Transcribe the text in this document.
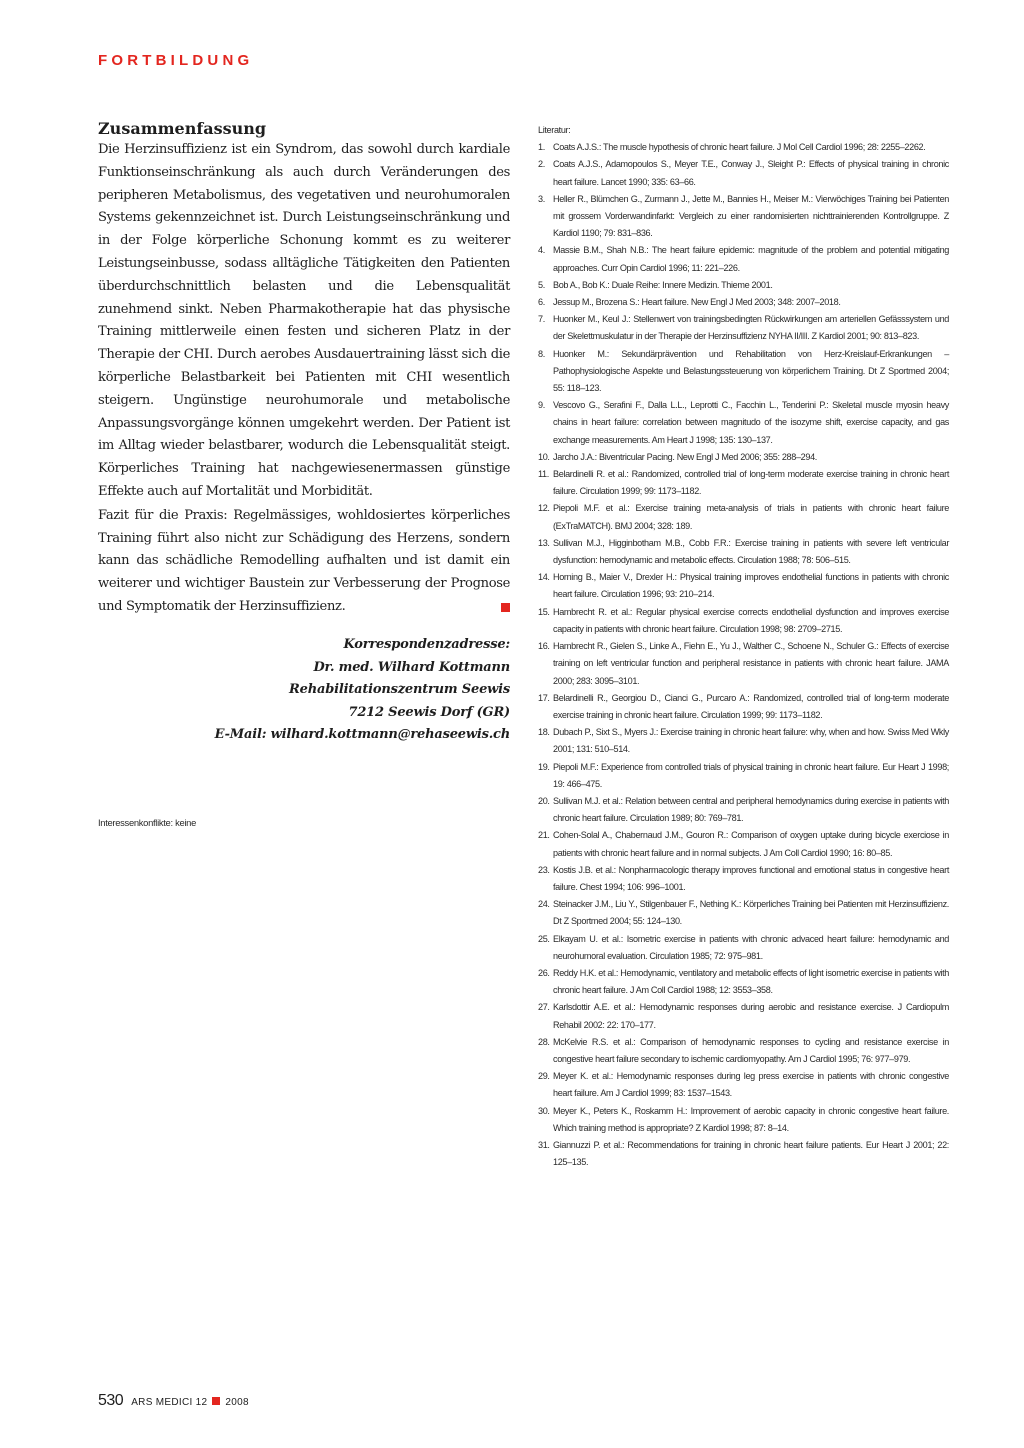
FORTBILDUNG
Zusammenfassung

Die Herzinsuffizienz ist ein Syndrom, das sowohl durch kardiale Funktionseinschränkung als auch durch Veränderungen des peripheren Metabolismus, des vegetativen und neurohumoralen Systems gekennzeichnet ist. Durch Leistungseinschränkung und in der Folge körperliche Schonung kommt es zu weiterer Leistungseinbusse, sodass alltägliche Tätigkeiten den Patienten überdurchschnittlich belasten und die Lebensqualität zunehmend sinkt. Neben Pharmakotherapie hat das physische Training mittlerweile einen festen und sicheren Platz in der Therapie der CHI. Durch aerobes Ausdauertraining lässt sich die körperliche Belastbarkeit bei Patienten mit CHI wesentlich steigern. Ungünstige neurohumorale und metabolische Anpassungsvorgänge können umgekehrt werden. Der Patient ist im Alltag wieder belastbarer, wodurch die Lebensqualität steigt. Körperliches Training hat nachgewiesenermassen günstige Effekte auch auf Mortalität und Morbidität.

Fazit für die Praxis: Regelmässiges, wohldosiertes körperliches Training führt also nicht zur Schädigung des Herzens, sondern kann das schädliche Remodelling aufhalten und ist damit ein weiterer und wichtiger Baustein zur Verbesserung der Prognose und Symptomatik der Herzinsuffizienz.

Korrespondenzadresse:
Dr. med. Wilhard Kottmann
Rehabilitationszentrum Seewis
7212 Seewis Dorf (GR)
E-Mail: wilhard.kottmann@rehaseewis.ch
Interessenkonflikte: keine
Literatur:
1. Coats A.J.S.: The muscle hypothesis of chronic heart failure. J Mol Cell Cardiol 1996; 28: 2255–2262.
2. Coats A.J.S., Adamopoulos S., Meyer T.E., Conway J., Sleight P.: Effects of physical training in chronic heart failure. Lancet 1990; 335: 63–66.
3. Heller R., Blümchen G., Zurmann J., Jette M., Bannies H., Meiser M.: Vierwöchiges Training bei Patienten mit grossem Vorderwandinfarkt: Vergleich zu einer randomisierten nichttrainierenden Kontrollgruppe. Z Kardiol 1190; 79: 831–836.
4. Massie B.M., Shah N.B.: The heart failure epidemic: magnitude of the problem and potential mitigating approaches. Curr Opin Cardiol 1996; 11: 221–226.
5. Bob A., Bob K.: Duale Reihe: Innere Medizin. Thieme 2001.
6. Jessup M., Brozena S.: Heart failure. New Engl J Med 2003; 348: 2007–2018.
7. Huonker M., Keul J.: Stellenwert von trainingsbedingten Rückwirkungen am arteriellen Gefässsystem und der Skelettmuskulatur in der Therapie der Herzinsuffizienz NYHA II/III. Z Kardiol 2001; 90: 813–823.
8. Huonker M.: Sekundärprävention und Rehabilitation von Herz-Kreislauf-Erkrankungen – Pathophysiologische Aspekte und Belastungssteuerung von körperlichem Training. Dt Z Sportmed 2004; 55: 118–123.
9. Vescovo G., Serafini F., Dalla L.L., Leprotti C., Facchin L., Tenderini P.: Skeletal muscle myosin heavy chains in heart failure: correlation between magnitudo of the isozyme shift, exercise capacity, and gas exchange measurements. Am Heart J 1998; 135: 130–137.
10. Jarcho J.A.: Biventricular Pacing. New Engl J Med 2006; 355: 288–294.
11. Belardinelli R. et al.: Randomized, controlled trial of long-term moderate exercise training in chronic heart failure. Circulation 1999; 99: 1173–1182.
12. Piepoli M.F. et al.: Exercise training meta-analysis of trials in patients with chronic heart failure (ExTraMATCH). BMJ 2004; 328: 189.
13. Sullivan M.J., Higginbotham M.B., Cobb F.R.: Exercise training in patients with severe left ventricular dysfunction: hemodynamic and metabolic effects. Circulation 1988; 78: 506–515.
14. Horning B., Maier V., Drexler H.: Physical training improves endothelial functions in patients with chronic heart failure. Circulation 1996; 93: 210–214.
15. Hambrecht R. et al.: Regular physical exercise corrects endothelial dysfunction and improves exercise capacity in patients with chronic heart failure. Circulation 1998; 98: 2709–2715.
16. Hambrecht R., Gielen S., Linke A., Fiehn E., Yu J., Walther C., Schoene N., Schuler G.: Effects of exercise training on left ventricular function and peripheral resistance in patients with chronic heart failure. JAMA 2000; 283: 3095–3101.
17. Belardinelli R., Georgiou D., Cianci G., Purcaro A.: Randomized, controlled trial of long-term moderate exercise training in chronic heart failure. Circulation 1999; 99: 1173–1182.
18. Dubach P., Sixt S., Myers J.: Exercise training in chronic heart failure: why, when and how. Swiss Med Wkly 2001; 131: 510–514.
19. Piepoli M.F.: Experience from controlled trials of physical training in chronic heart failure. Eur Heart J 1998; 19: 466–475.
20. Sullivan M.J. et al.: Relation between central and peripheral hemodynamics during exercise in patients with chronic heart failure. Circulation 1989; 80: 769–781.
21. Cohen-Solal A., Chabernaud J.M., Gouron R.: Comparison of oxygen uptake during bicycle exerciose in patients with chronic heart failure and in normal subjects. J Am Coll Cardiol 1990; 16: 80–85.
23. Kostis J.B. et al.: Nonpharmacologic therapy improves functional and emotional status in congestive heart failure. Chest 1994; 106: 996–1001.
24. Steinacker J.M., Liu Y., Stilgenbauer F., Nething K.: Körperliches Training bei Patienten mit Herzinsuffizienz. Dt Z Sportmed 2004; 55: 124–130.
25. Elkayam U. et al.: Isometric exercise in patients with chronic advaced heart failure: hemodynamic and neurohumoral evaluation. Circulation 1985; 72: 975–981.
26. Reddy H.K. et al.: Hemodynamic, ventilatory and metabolic effects of light isometric exercise in patients with chronic heart failure. J Am Coll Cardiol 1988; 12: 3553–358.
27. Karlsdottir A.E. et al.: Hemodynamic responses during aerobic and resistance exercise. J Cardiopulm Rehabil 2002: 22: 170–177.
28. McKelvie R.S. et al.: Comparison of hemodynamic responses to cycling and resistance exercise in congestive heart failure secondary to ischemic cardiomyopathy. Am J Cardiol 1995; 76: 977–979.
29. Meyer K. et al.: Hemodynamic responses during leg press exercise in patients with chronic congestive heart failure. Am J Cardiol 1999; 83: 1537–1543.
30. Meyer K., Peters K., Roskamm H.: Improvement of aerobic capacity in chronic congestive heart failure. Which training method is appropriate? Z Kardiol 1998; 87: 8–14.
31. Giannuzzi P. et al.: Recommendations for training in chronic heart failure patients. Eur Heart J 2001; 22: 125–135.
530 ARS MEDICI 12 2008
